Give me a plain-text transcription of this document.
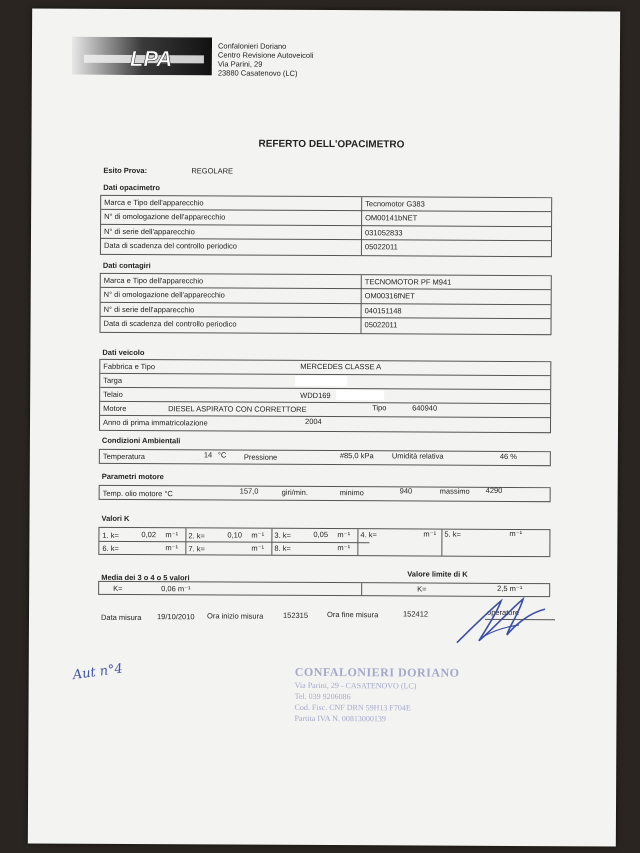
LPA	Confalonieri Doriano
Centro Revisione Autoveicoli
Via Parini, 29
23880 Casatenovo (LC)
REFERTO DELL'OPACIMETRO
Esito Prova:	REGOLARE
Dati opacimetro
Marca e Tipo dell'apparecchio	Tecnomotor G383
N° di omologazione dell'apparecchio	OM00141bNET
N° di serie dell'apparecchio	031052833
Data di scadenza del controllo periodico	05022011
Dati contagiri
Marca e Tipo dell'apparecchio	TECNOMOTOR PF M941
N° di omologazione dell'apparecchio	OM00316fNET
N° di serie dell'apparecchio	040151148
Data di scadenza del controllo periodico	05022011
Dati veicolo
Fabbrica e Tipo	MERCEDES CLASSE A
Targa
Telaio	WDD169
Motore	DIESEL ASPIRATO CON CORRETTORE	Tipo	640940
Anno di prima immatricolazione	2004
Condizioni Ambientali
Temperatura	14 °C Pressione	#85,0 kPa Umidità relativa	46 %
Parametri motore
Temp. olio motore °C	157,0	giri/min.	minimo	940	massimo 4290
Valori K
1. k=	0,02 m⁻¹ 2. k=	0,10 m⁻¹ 3. k=	0,05 m⁻¹ 4. k=	m⁻¹ 5. k=	m⁻¹
6. k=	m⁻¹ 7. k=	m⁻¹ 8. k=	m⁻¹
Media dei 3 o 4 o 5 valori	Valore limite di K
K=	0,06 m⁻¹	K=	2,5 m⁻¹
Data misura 19/10/2010 Ora inizio misura	152315	Ora fine misura	152412	operatore
Aut n°4	CONFALONIERI DORIANO
Via Parini, 29 - CASATENOVO (LC)
Tel. 039 9206086
Cod. Fisc. CNF DRN 59H13 F704E
Partita IVA N. 00813000139
